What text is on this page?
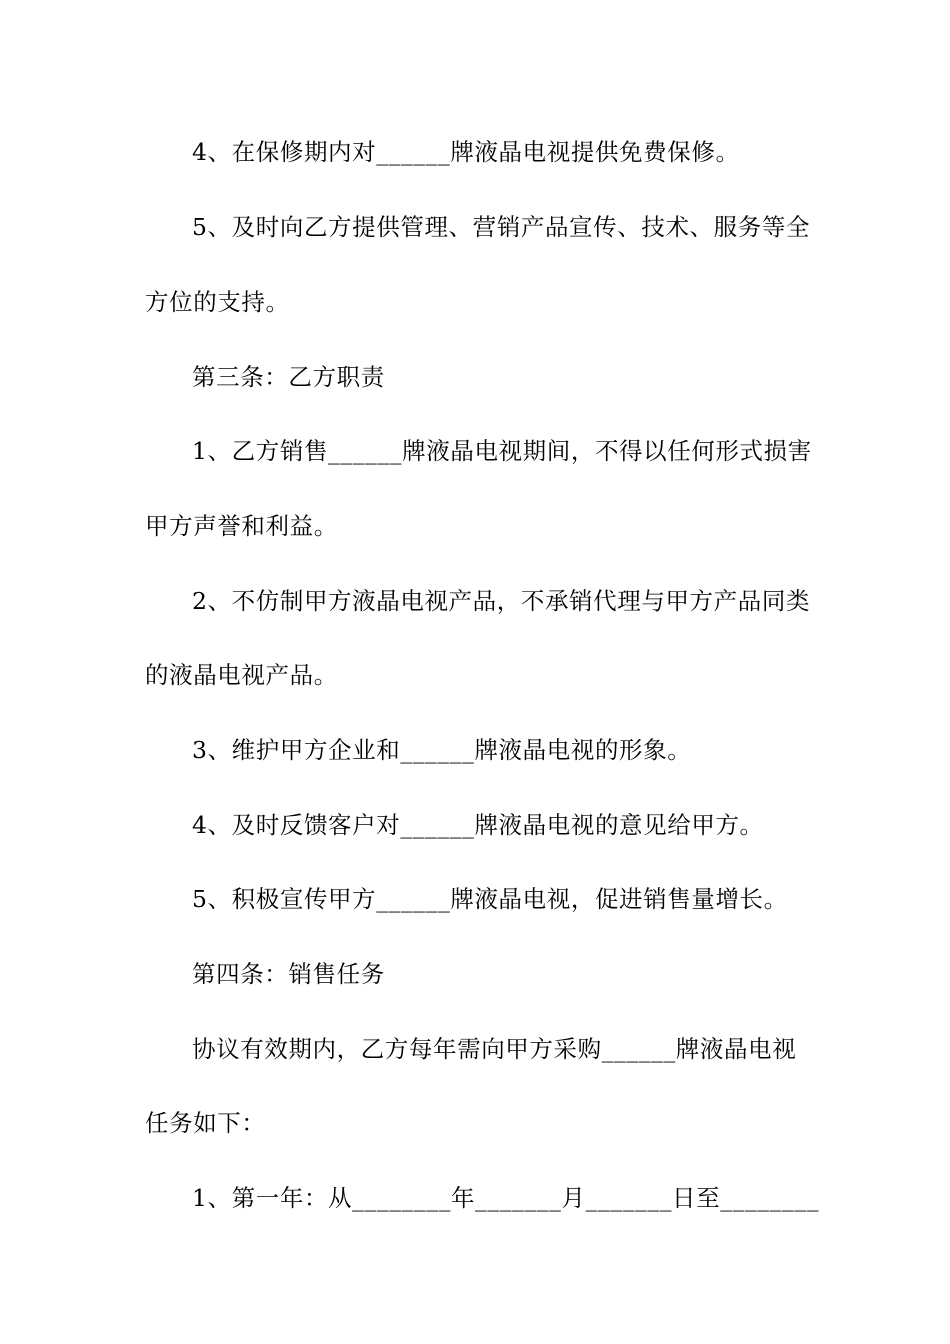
4、在保修期内对______牌液晶电视提供免费保修。
5、及时向乙方提供管理、营销产品宣传、技术、服务等全
方位的支持。
第三条：乙方职责
1、乙方销售______牌液晶电视期间，不得以任何形式损害
甲方声誉和利益。
2、不仿制甲方液晶电视产品，不承销代理与甲方产品同类
的液晶电视产品。
3、维护甲方企业和______牌液晶电视的形象。
4、及时反馈客户对______牌液晶电视的意见给甲方。
5、积极宣传甲方______牌液晶电视，促进销售量增长。
第四条：销售任务
协议有效期内，乙方每年需向甲方采购______牌液晶电视
任务如下：
1、第一年：从________年_______月_______日至________
